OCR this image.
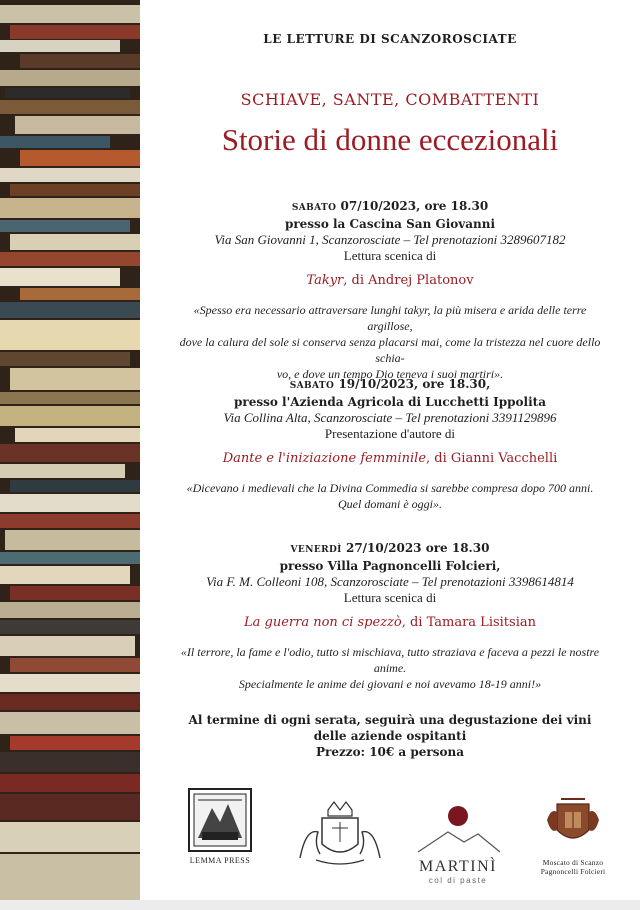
LE LETTURE DI SCANZOROSCIATE
SCHIAVE, SANTE, COMBATTENTI
Storie di donne eccezionali
SABATO 07/10/2023, ore 18.30
presso la Cascina San Giovanni
Via San Giovanni 1, Scanzorosciate – Tel prenotazioni 3289607182
Lettura scenica di
Takyr, di Andrej Platonov
«Spesso era necessario attraversare lunghi takyr, la più misera e arida delle terre argillose,
dove la calura del sole si conserva senza placarsi mai, come la tristezza nel cuore dello schia-
vo, e dove un tempo Dio teneva i suoi martiri».
SABATO 19/10/2023, ore 18.30,
presso l'Azienda Agricola di Lucchetti Ippolita
Via Collina Alta, Scanzorosciate – Tel prenotazioni 3391129896
Presentazione d'autore di
Dante e l'iniziazione femminile, di Gianni Vacchelli
«Dicevano i medievali che la Divina Commedia si sarebbe compresa dopo 700 anni.
Quel domani è oggi».
VENERDÌ 27/10/2023 ore 18.30
presso Villa Pagnoncelli Folcieri,
Via F. M. Colleoni 108, Scanzorosciate – Tel prenotazioni 3398614814
Lettura scenica di
La guerra non ci spezzò, di Tamara Lisitsian
«Il terrore, la fame e l'odio, tutto si mischiava, tutto straziava e faceva a pezzi le nostre anime.
Specialmente le anime dei giovani e noi avevamo 18-19 anni!»
Al termine di ogni serata, seguirà una degustazione dei vini
delle aziende ospitanti
Prezzo: 10€ a persona
LEMMA PRESS	MARTINÌ
col di paste
Moscato di Scanzo
Pagnoncelli Folcieri
